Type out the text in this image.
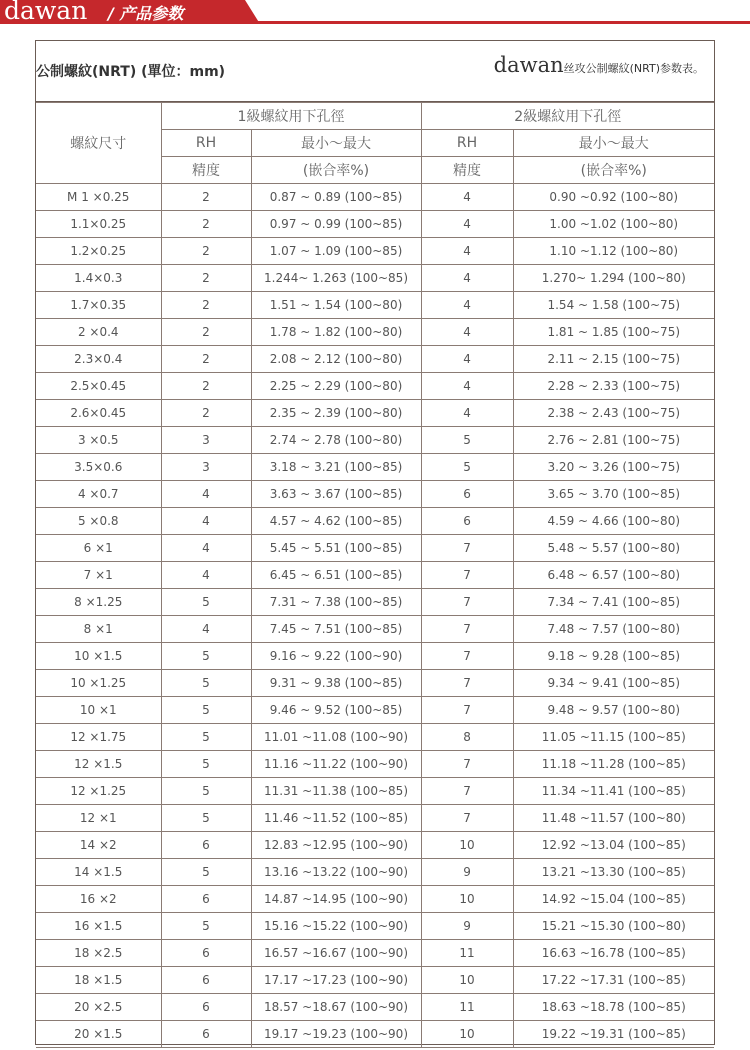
dawan / 产品参数
公制螺紋(NRT) (單位：mm)	dawan丝攻公制螺紋(NRT)参数表。
螺紋尺寸	1級螺紋用下孔徑		2級螺紋用下孔徑	
	RH	最小～最大	RH	最小～最大
	精度	(嵌合率%)	精度	(嵌合率%)
M 1 ×0.25	2	0.87 ~ 0.89 (100~85)	4	0.90 ~0.92 (100~80)
1.1×0.25	2	0.97 ~ 0.99 (100~85)	4	1.00 ~1.02 (100~80)
1.2×0.25	2	1.07 ~ 1.09 (100~85)	4	1.10 ~1.12 (100~80)
1.4×0.3	2	1.244~ 1.263 (100~85)	4	1.270~ 1.294 (100~80)
1.7×0.35	2	1.51 ~ 1.54 (100~80)	4	1.54 ~ 1.58 (100~75)
2 ×0.4	2	1.78 ~ 1.82 (100~80)	4	1.81 ~ 1.85 (100~75)
2.3×0.4	2	2.08 ~ 2.12 (100~80)	4	2.11 ~ 2.15 (100~75)
2.5×0.45	2	2.25 ~ 2.29 (100~80)	4	2.28 ~ 2.33 (100~75)
2.6×0.45	2	2.35 ~ 2.39 (100~80)	4	2.38 ~ 2.43 (100~75)
3 ×0.5	3	2.74 ~ 2.78 (100~80)	5	2.76 ~ 2.81 (100~75)
3.5×0.6	3	3.18 ~ 3.21 (100~85)	5	3.20 ~ 3.26 (100~75)
4 ×0.7	4	3.63 ~ 3.67 (100~85)	6	3.65 ~ 3.70 (100~85)
5 ×0.8	4	4.57 ~ 4.62 (100~85)	6	4.59 ~ 4.66 (100~80)
6 ×1	4	5.45 ~ 5.51 (100~85)	7	5.48 ~ 5.57 (100~80)
7 ×1	4	6.45 ~ 6.51 (100~85)	7	6.48 ~ 6.57 (100~80)
8 ×1.25	5	7.31 ~ 7.38 (100~85)	7	7.34 ~ 7.41 (100~85)
8 ×1	4	7.45 ~ 7.51 (100~85)	7	7.48 ~ 7.57 (100~80)
10 ×1.5	5	9.16 ~ 9.22 (100~90)	7	9.18 ~ 9.28 (100~85)
10 ×1.25	5	9.31 ~ 9.38 (100~85)	7	9.34 ~ 9.41 (100~85)
10 ×1	5	9.46 ~ 9.52 (100~85)	7	9.48 ~ 9.57 (100~80)
12 ×1.75	5	11.01 ~11.08 (100~90)	8	11.05 ~11.15 (100~85)
12 ×1.5	5	11.16 ~11.22 (100~90)	7	11.18 ~11.28 (100~85)
12 ×1.25	5	11.31 ~11.38 (100~85)	7	11.34 ~11.41 (100~85)
12 ×1	5	11.46 ~11.52 (100~85)	7	11.48 ~11.57 (100~80)
14 ×2	6	12.83 ~12.95 (100~90)	10	12.92 ~13.04 (100~85)
14 ×1.5	5	13.16 ~13.22 (100~90)	9	13.21 ~13.30 (100~85)
16 ×2	6	14.87 ~14.95 (100~90)	10	14.92 ~15.04 (100~85)
16 ×1.5	5	15.16 ~15.22 (100~90)	9	15.21 ~15.30 (100~80)
18 ×2.5	6	16.57 ~16.67 (100~90)	11	16.63 ~16.78 (100~85)
18 ×1.5	6	17.17 ~17.23 (100~90)	10	17.22 ~17.31 (100~85)
20 ×2.5	6	18.57 ~18.67 (100~90)	11	18.63 ~18.78 (100~85)
20 ×1.5	6	19.17 ~19.23 (100~90)	10	19.22 ~19.31 (100~85)
